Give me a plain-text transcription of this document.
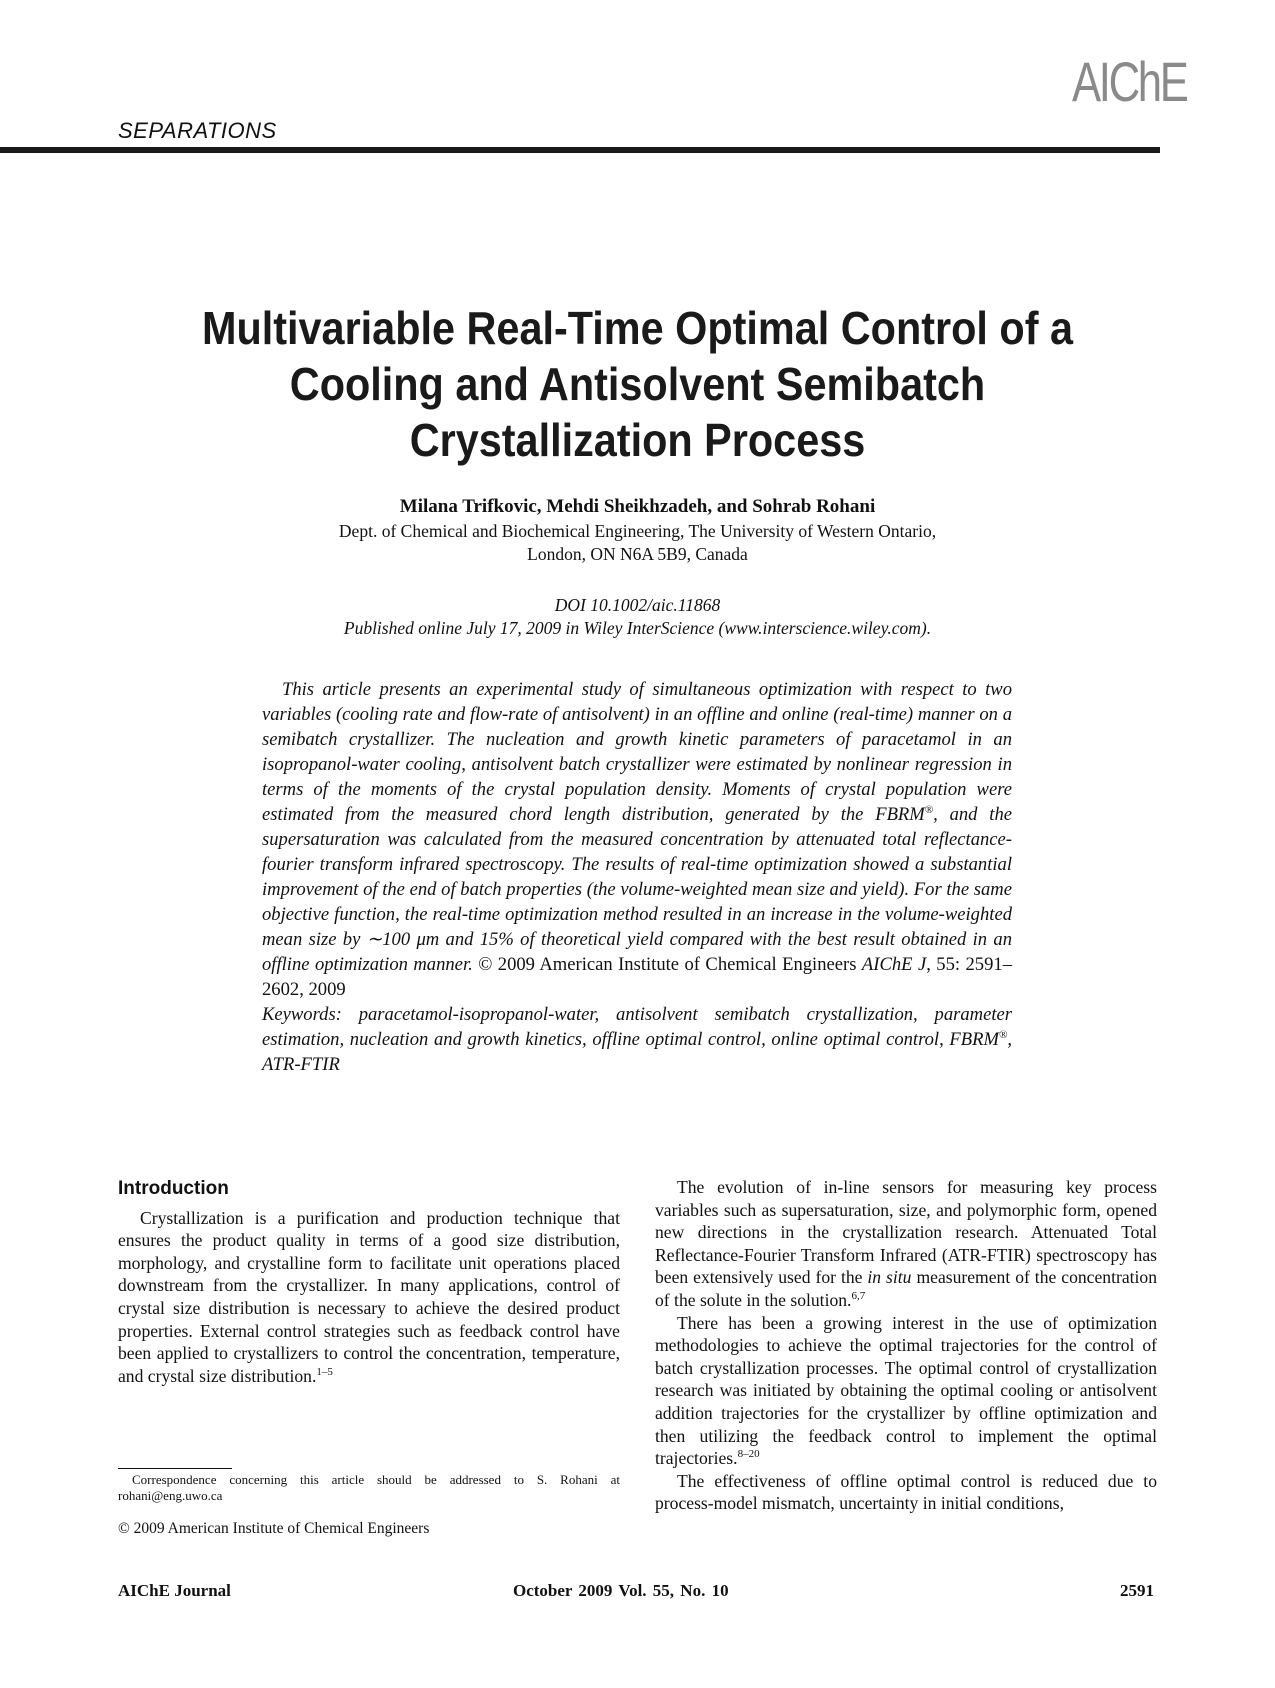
SEPARATIONS
AIChE
Multivariable Real-Time Optimal Control of a Cooling and Antisolvent Semibatch Crystallization Process
Milana Trifkovic, Mehdi Sheikhzadeh, and Sohrab Rohani
Dept. of Chemical and Biochemical Engineering, The University of Western Ontario,
London, ON N6A 5B9, Canada
DOI 10.1002/aic.11868
Published online July 17, 2009 in Wiley InterScience (www.interscience.wiley.com).

This article presents an experimental study of simultaneous optimization with respect to two variables (cooling rate and flow-rate of antisolvent) in an offline and online (real-time) manner on a semibatch crystallizer. The nucleation and growth kinetic parameters of paracetamol in an isopropanol-water cooling, antisolvent batch crystallizer were estimated by nonlinear regression in terms of the moments of the crystal population density. Moments of crystal population were estimated from the measured chord length distribution, generated by the FBRM®, and the supersaturation was calculated from the measured concentration by attenuated total reflectance-fourier transform infrared spectroscopy. The results of real-time optimization showed a substantial improvement of the end of batch properties (the volume-weighted mean size and yield). For the same objective function, the real-time optimization method resulted in an increase in the volume-weighted mean size by ∼100 μm and 15% of theoretical yield compared with the best result obtained in an offline optimization manner. © 2009 American Institute of Chemical Engineers AIChE J, 55: 2591–2602, 2009

Keywords: paracetamol-isopropanol-water, antisolvent semibatch crystallization, parameter estimation, nucleation and growth kinetics, offline optimal control, online optimal control, FBRM®, ATR-FTIR

Introduction

Crystallization is a purification and production technique that ensures the product quality in terms of a good size distribution, morphology, and crystalline form to facilitate unit operations placed downstream from the crystallizer. In many applications, control of crystal size distribution is necessary to achieve the desired product properties. External control strategies such as feedback control have been applied to crystallizers to control the concentration, temperature, and crystal size distribution.$^{1-5}$

The evolution of in-line sensors for measuring key process variables such as supersaturation, size, and polymorphic form, opened new directions in the crystallization research. Attenuated Total Reflectance-Fourier Transform Infrared (ATR-FTIR) spectroscopy has been extensively used for the in situ measurement of the concentration of the solute in the solution.$^{6,7}$

There has been a growing interest in the use of optimization methodologies to achieve the optimal trajectories for the control of batch crystallization processes. The optimal control of crystallization research was initiated by obtaining the optimal cooling or antisolvent addition trajectories for the crystallizer by offline optimization and then utilizing the feedback control to implement the optimal trajectories.$^{8-20}$

The effectiveness of offline optimal control is reduced due to process-model mismatch, uncertainty in initial conditions,

Correspondence concerning this article should be addressed to S. Rohani at rohani@eng.uwo.ca
© 2009 American Institute of Chemical Engineers
AIChE Journal	October 2009 Vol. 55, No. 10	2591
